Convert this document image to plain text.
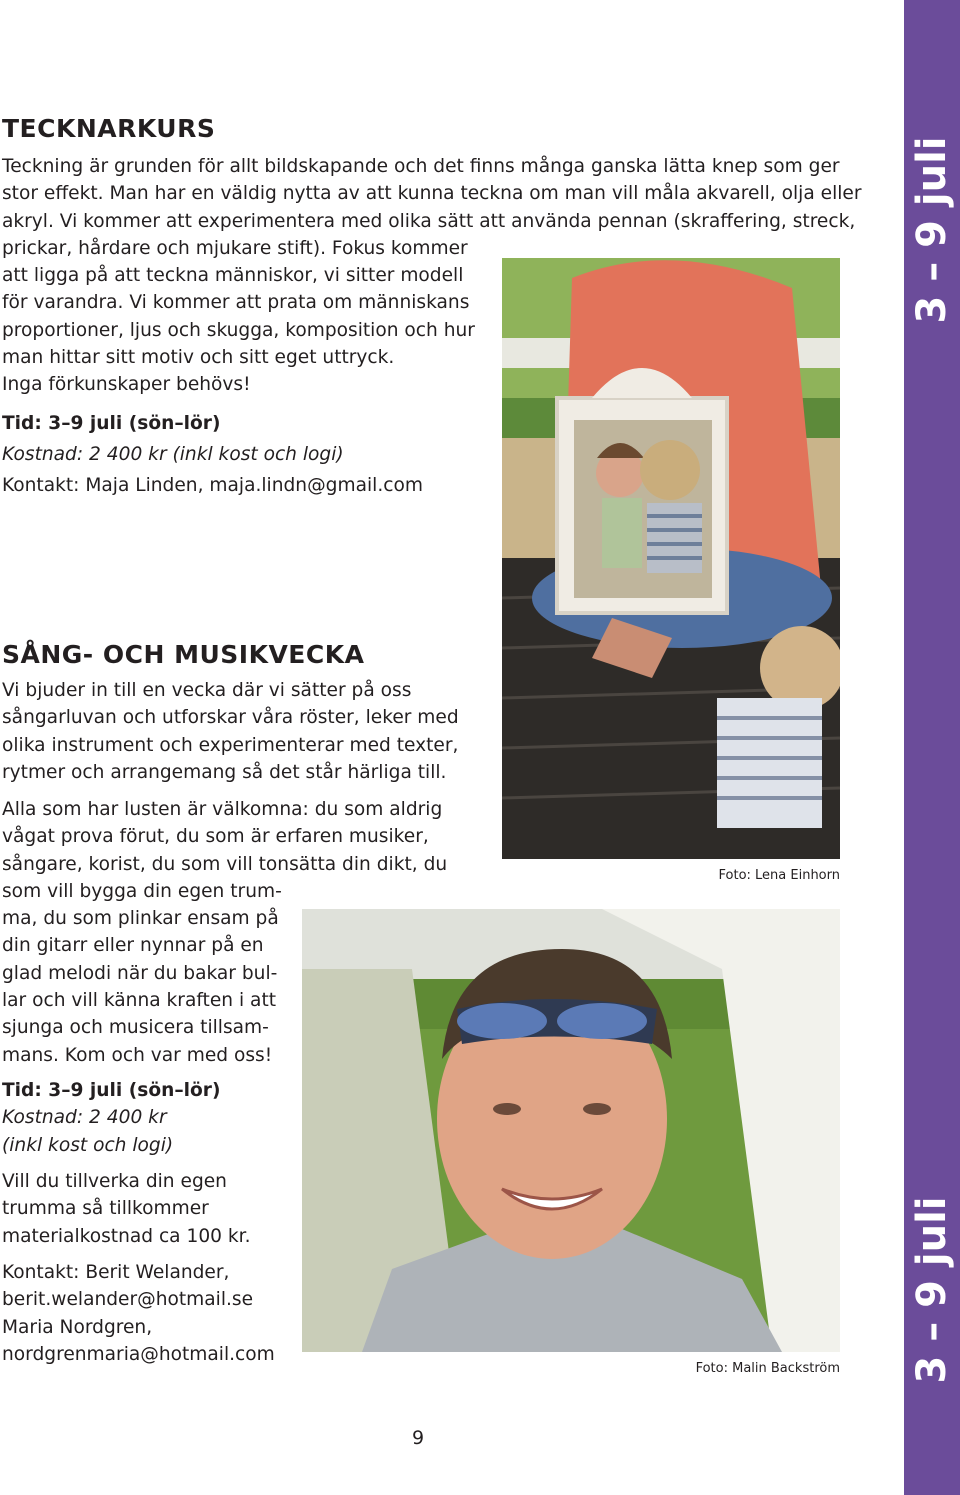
3 – 9 juli
3 – 9 juli
TECKNARKURS

Teckning är grunden för allt bildskapande och det finns många ganska lätta knep som ger

stor effekt. Man har en väldig nytta av att kunna teckna om man vill måla akvarell, olja eller

akryl. Vi kommer att experimentera med olika sätt att använda pennan (skraffering, streck,

prickar, hårdare och mjukare stift). Fokus kommer

att ligga på att teckna människor, vi sitter modell

för varandra. Vi kommer att prata om människans

proportioner, ljus och skugga, komposition och hur

man hittar sitt motiv och sitt eget uttryck.

Inga förkunskaper behövs!

Tid: 3–9 juli (sön–lör)

Kostnad: 2 400 kr (inkl kost och logi)

Kontakt: Maja Linden, maja.lindn@gmail.com

Foto: Lena Einhorn
SÅNG- OCH MUSIKVECKA

Vi bjuder in till en vecka där vi sätter på oss

sångarluvan och utforskar våra röster, leker med

olika instrument och experimenterar med texter,

rytmer och arrangemang så det står härliga till.

Alla som har lusten är välkomna: du som aldrig

vågat prova förut, du som är erfaren musiker,

sångare, korist, du som vill tonsätta din dikt, du

som vill bygga din egen trum-

ma, du som plinkar ensam på

din gitarr eller nynnar på en

glad melodi när du bakar bul-

lar och vill känna kraften i att

sjunga och musicera tillsam-

mans. Kom och var med oss!

Tid: 3–9 juli (sön–lör)

Kostnad: 2 400 kr

(inkl kost och logi)

Vill du tillverka din egen

trumma så tillkommer

materialkostnad ca 100 kr.

Kontakt: Berit Welander,

berit.welander@hotmail.se

Maria Nordgren,

nordgrenmaria@hotmail.com

Foto: Malin Backström
9
